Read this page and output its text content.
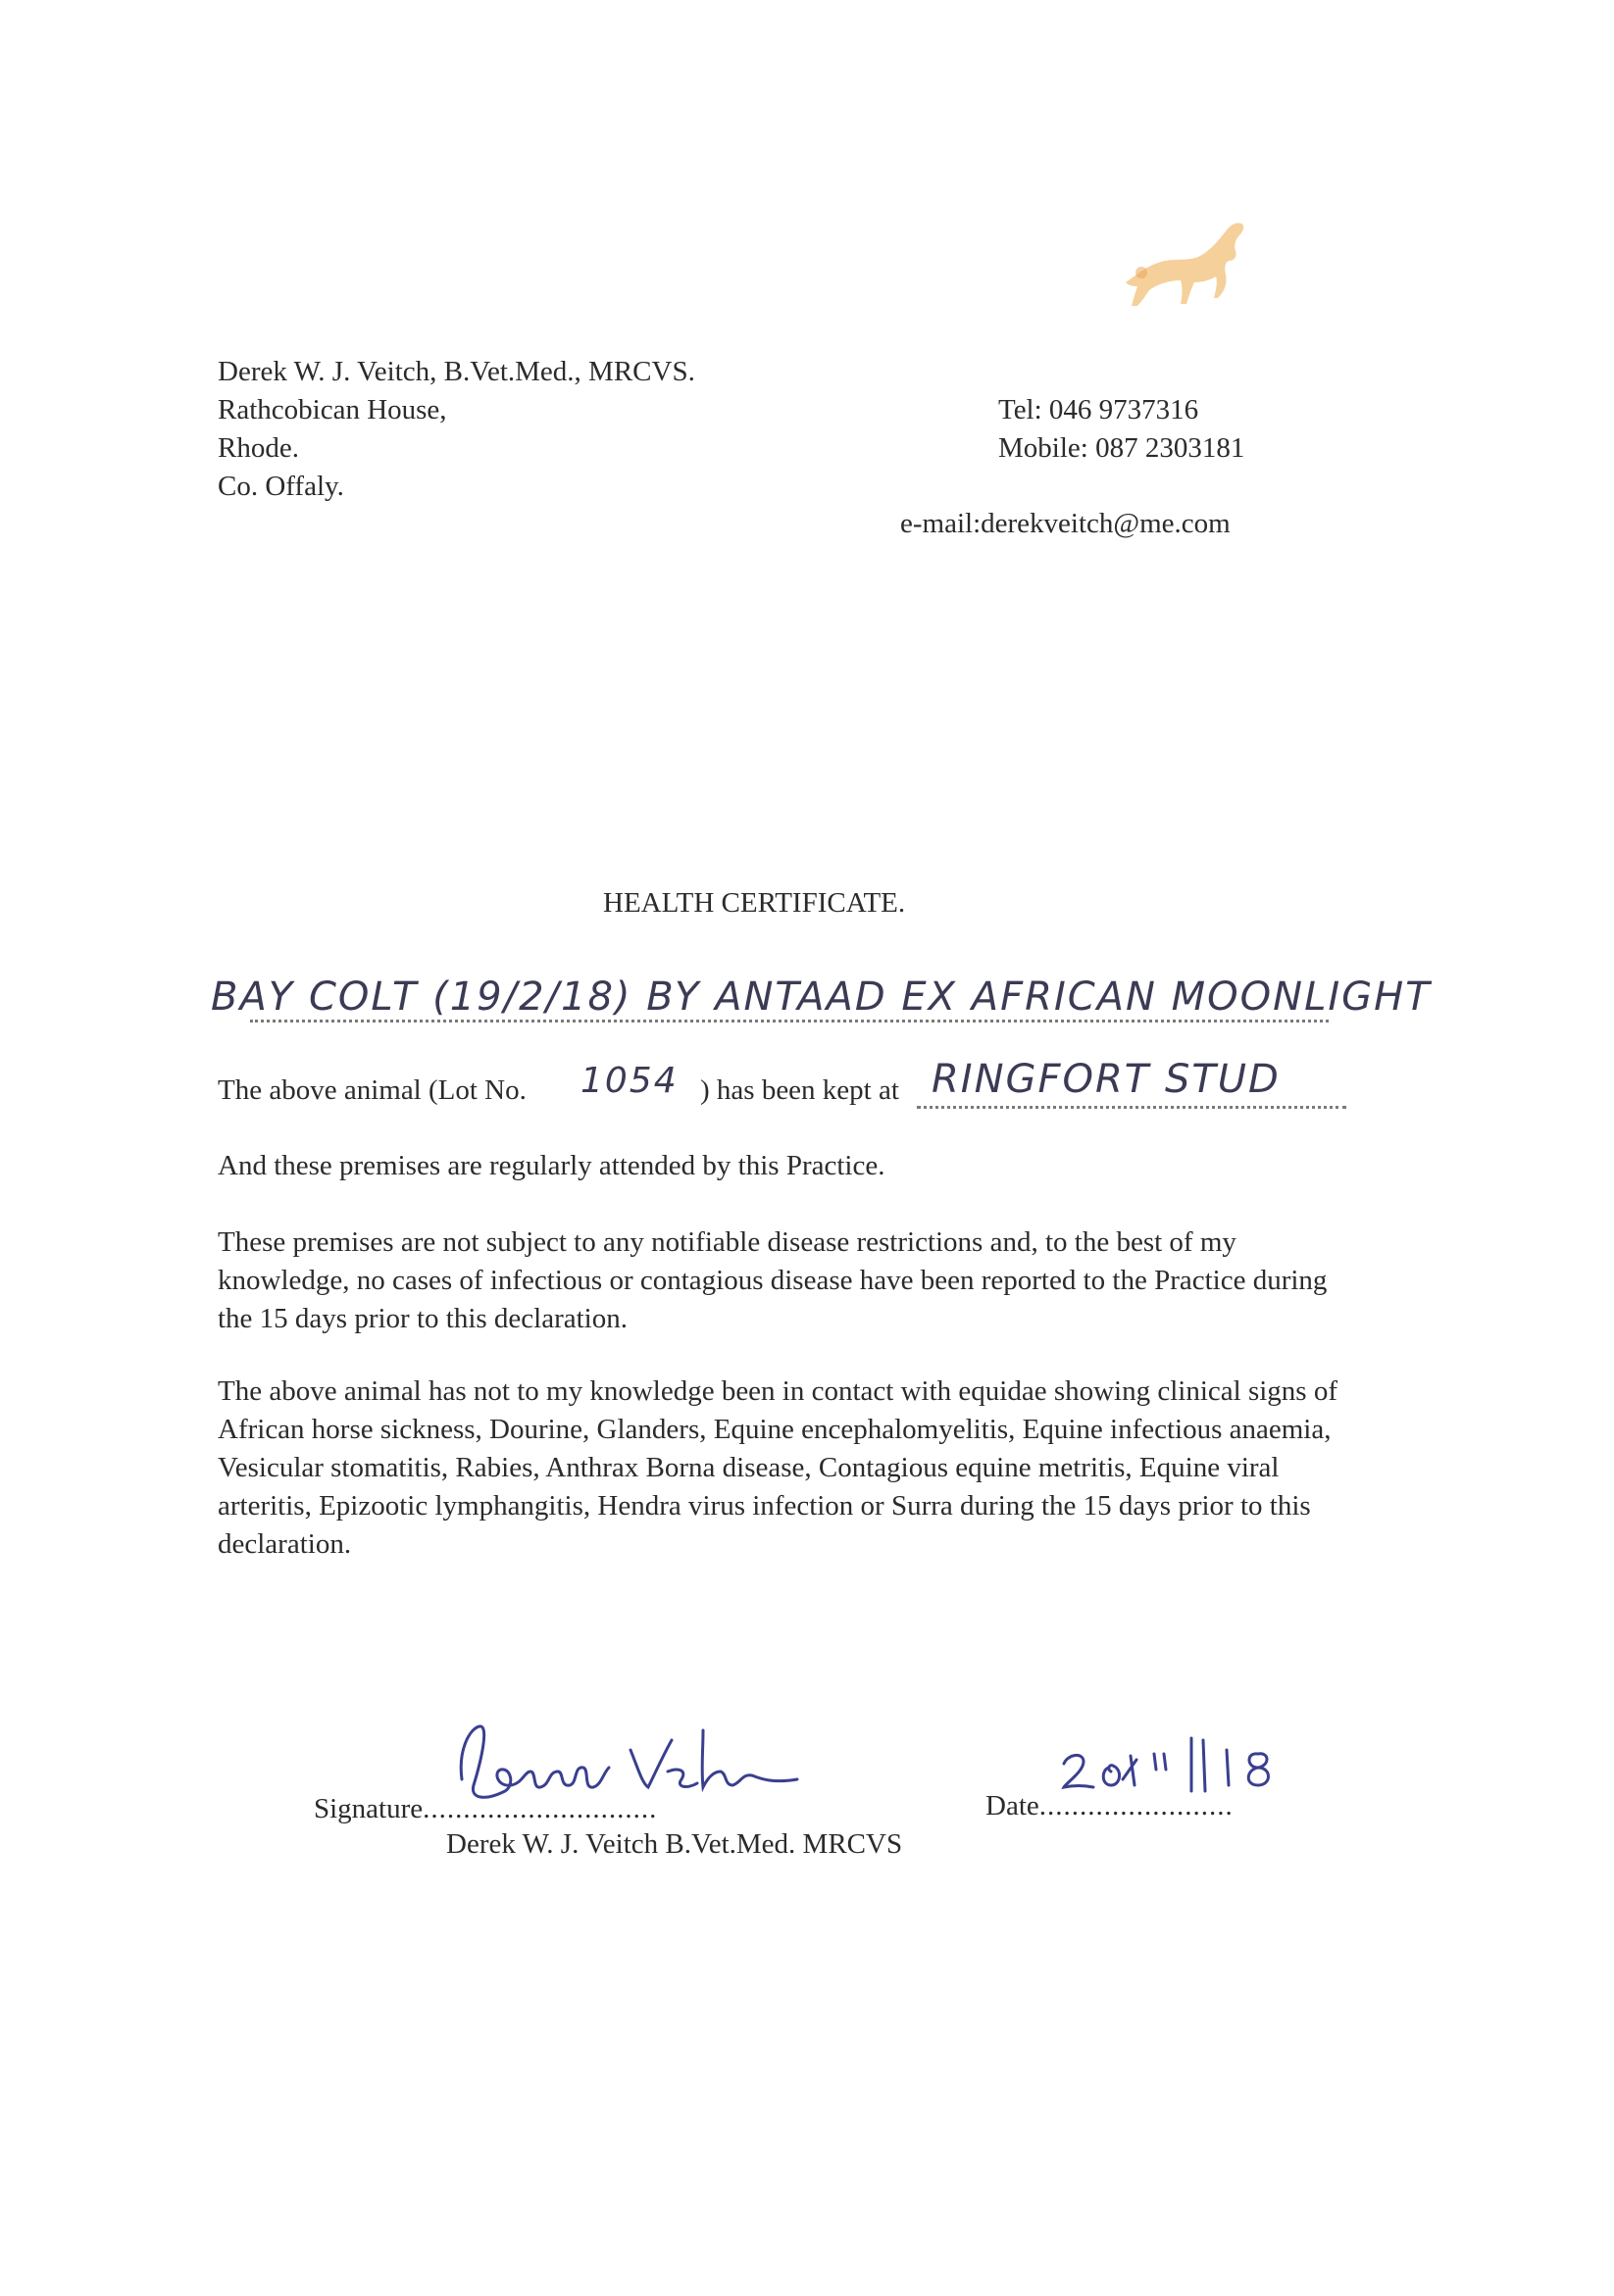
Derek W. J. Veitch, B.Vet.Med., MRCVS.
Rathcobican House,
Rhode.
Co. Offaly.
Tel: 046 9737316
Mobile: 087 2303181
e-mail:derekveitch@me.com
HEALTH CERTIFICATE.
BAY COLT (19/2/18) BY ANTAAD EX AFRICAN MOONLIGHT
The above animal (Lot No. 1054 ) has been kept at RINGFORT STUD
And these premises are regularly attended by this Practice.
These premises are not subject to any notifiable disease restrictions and, to the best of my knowledge, no cases of infectious or contagious disease have been reported to the Practice during the 15 days prior to this declaration.
The above animal has not to my knowledge been in contact with equidae showing clinical signs of African horse sickness, Dourine, Glanders, Equine encephalomyelitis, Equine infectious anaemia, Vesicular stomatitis, Rabies, Anthrax Borna disease, Contagious equine metritis, Equine viral arteritis, Epizootic lymphangitis, Hendra virus infection or Surra during the 15 days prior to this declaration.
Signature.............................	Date........................
Derek W. J. Veitch B.Vet.Med. MRCVS
